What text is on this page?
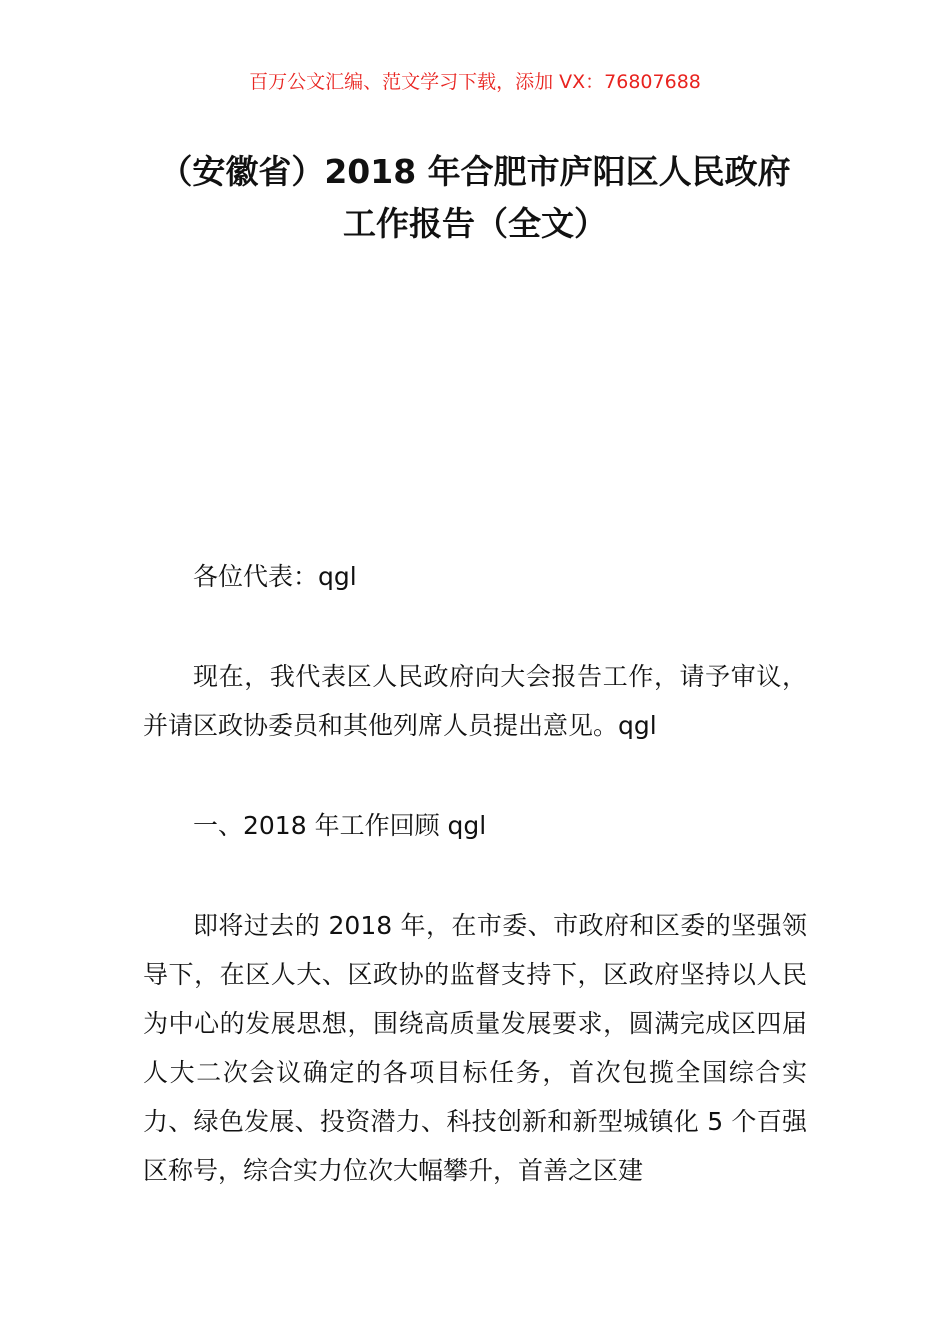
百万公文汇编、范文学习下载，添加 VX：76807688
（安徽省）2018 年合肥市庐阳区人民政府
工作报告（全文）

各位代表：qgl

现在，我代表区人民政府向大会报告工作，请予审议，并请区政协委员和其他列席人员提出意见。qgl

一、2018 年工作回顾 qgl

即将过去的 2018 年，在市委、市政府和区委的坚强领导下，在区人大、区政协的监督支持下，区政府坚持以人民为中心的发展思想，围绕高质量发展要求，圆满完成区四届人大二次会议确定的各项目标任务，首次包揽全国综合实力、绿色发展、投资潜力、科技创新和新型城镇化 5 个百强区称号，综合实力位次大幅攀升，首善之区建
